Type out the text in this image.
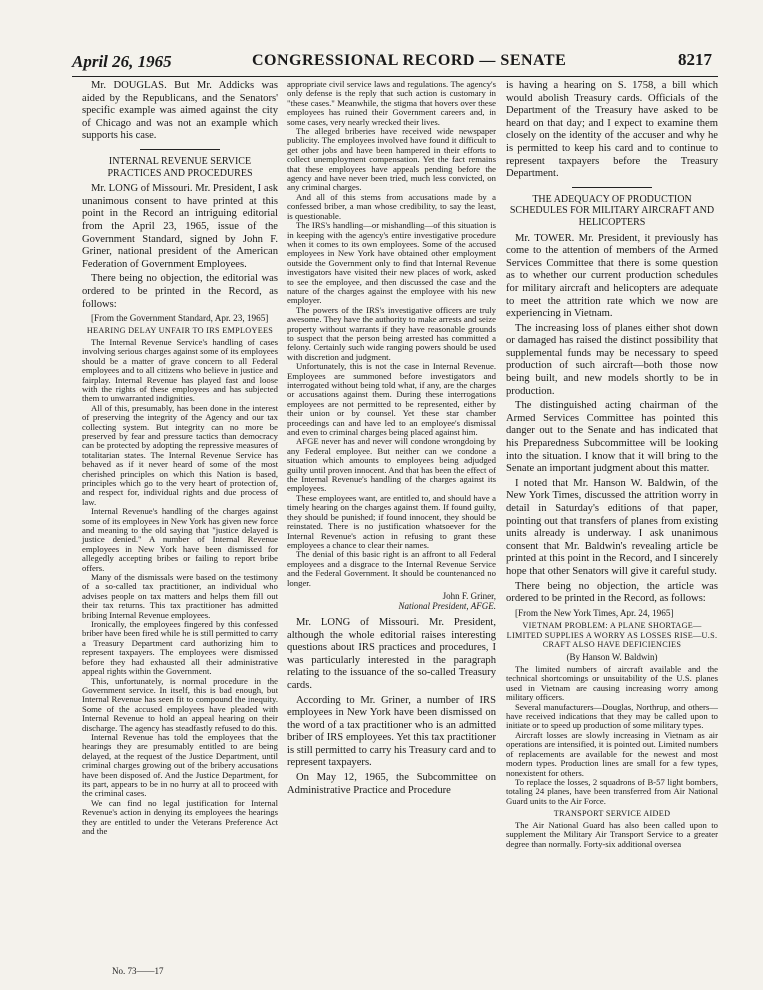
April 26, 1965	CONGRESSIONAL RECORD — SENATE	8217

Mr. DOUGLAS. But Mr. Addicks was aided by the Republicans, and the Senators' specific example was aimed against the city of Chicago and was not an example which supports his case.

INTERNAL REVENUE SERVICE PRACTICES AND PROCEDURES

Mr. LONG of Missouri. Mr. President, I ask unanimous consent to have printed at this point in the Record an intriguing editorial from the April 23, 1965, issue of the Government Standard, signed by John F. Griner, national president of the American Federation of Government Employees.

There being no objection, the editorial was ordered to be printed in the Record, as follows:

[From the Government Standard, Apr. 23, 1965]

HEARING DELAY UNFAIR TO IRS EMPLOYEES

The Internal Revenue Service's handling of cases involving serious charges against some of its employees should be a matter of grave concern to all Federal employees and to all citizens who believe in justice and fairplay. Internal Revenue has played fast and loose with the rights of these employees and has subjected them to unwarranted indignities.

All of this, presumably, has been done in the interest of preserving the integrity of the Agency and our tax collecting system. But integrity can no more be preserved by fear and pressure tactics than democracy can be protected by adopting the repressive measures of totalitarian states. The Internal Revenue Service has behaved as if it never heard of some of the most cherished principles on which this Nation is based, principles which go to the very heart of protection of, and respect for, individual rights and due process of law.

Internal Revenue's handling of the charges against some of its employees in New York has given new force and meaning to the old saying that "justice delayed is justice denied." A number of Internal Revenue employees in New York have been dismissed for allegedly accepting bribes or failing to report bribe offers.

Many of the dismissals were based on the testimony of a so-called tax practitioner, an individual who advises people on tax matters and helps them fill out their tax returns. This tax practitioner has admitted bribing Internal Revenue employees.

Ironically, the employees fingered by this confessed briber have been fired while he is still permitted to carry a Treasury Department card authorizing him to represent taxpayers. The employees were dismissed before they had exhausted all their administrative appeal rights within the Government.

This, unfortunately, is normal procedure in the Government service. In itself, this is bad enough, but Internal Revenue has seen fit to compound the inequity. Some of the accused employees have pleaded with Internal Revenue to hold an appeal hearing on their discharge. The agency has steadfastly refused to do this.

Internal Revenue has told the employees that the hearings they are presumably entitled to are being delayed, at the request of the Justice Department, until criminal charges growing out of the bribery accusations have been disposed of. And the Justice Department, for its part, appears to be in no hurry at all to proceed with the criminal cases.

We can find no legal justification for Internal Revenue's action in denying its employees the hearings they are entitled to under the Veterans Preference Act and the

appropriate civil service laws and regulations. The agency's only defense is the reply that such action is customary in "these cases." Meanwhile, the stigma that hovers over these employees has ruined their Government careers and, in some cases, very nearly wrecked their lives.

The alleged briberies have received wide newspaper publicity. The employees involved have found it difficult to get other jobs and have been hampered in their efforts to collect unemployment compensation. Yet the fact remains that these employees have appeals pending before the agency and have never been tried, much less convicted, on any criminal charges.

And all of this stems from accusations made by a confessed briber, a man whose credibility, to say the least, is questionable.

The IRS's handling—or mishandling—of this situation is in keeping with the agency's entire investigative procedure when it comes to its own employees. Some of the accused employees in New York have obtained other employment outside the Government only to find that Internal Revenue investigators have visited their new places of work, asked to see the employee, and then discussed the case and the nature of the charges against the employee with his new employer.

The powers of the IRS's investigative officers are truly awesome. They have the authority to make arrests and seize property without warrants if they have reasonable grounds to suspect that the person being arrested has committed a felony. Certainly such wide ranging powers should be used with discretion and judgment.

Unfortunately, this is not the case in Internal Revenue. Employees are summoned before investigators and interrogated without being told what, if any, are the charges or accusations against them. During these interrogations employees are not permitted to be represented, either by their union or by counsel. Yet these star chamber proceedings can and have led to an employee's dismissal and even to criminal charges being placed against him.

AFGE never has and never will condone wrongdoing by any Federal employee. But neither can we condone a situation which amounts to employees being adjudged guilty until proven innocent. And that has been the effect of the Internal Revenue's handling of the charges against its employees.

These employees want, are entitled to, and should have a timely hearing on the charges against them. If found guilty, they should be punished; if found innocent, they should be reinstated. There is no justification whatsoever for the Internal Revenue's action in refusing to grant these employees a chance to clear their names.

The denial of this basic right is an affront to all Federal employees and a disgrace to the Internal Revenue Service and the Federal Government. It should be countenanced no longer.

John F. Griner,
National President, AFGE.

Mr. LONG of Missouri. Mr. President, although the whole editorial raises interesting questions about IRS practices and procedures, I was particularly interested in the paragraph relating to the issuance of the so-called Treasury cards.

According to Mr. Griner, a number of IRS employees in New York have been dismissed on the word of a tax practitioner who is an admitted briber of IRS employees. Yet this tax practitioner is still permitted to carry his Treasury card and to represent taxpayers.

On May 12, 1965, the Subcommittee on Administrative Practice and Procedure

is having a hearing on S. 1758, a bill which would abolish Treasury cards. Officials of the Department of the Treasury have asked to be heard on that day; and I expect to examine them closely on the identity of the accuser and why he is permitted to keep his card and to continue to represent taxpayers before the Treasury Department.

THE ADEQUACY OF PRODUCTION SCHEDULES FOR MILITARY AIRCRAFT AND HELICOPTERS

Mr. TOWER. Mr. President, it previously has come to the attention of members of the Armed Services Committee that there is some question as to whether our current production schedules for military aircraft and helicopters are adequate to meet the attrition rate which we now are experiencing in Vietnam.

The increasing loss of planes either shot down or damaged has raised the distinct possibility that supplemental funds may be necessary to speed production of such aircraft—both those now being built, and new models shortly to be in production.

The distinguished acting chairman of the Armed Services Committee has pointed this danger out to the Senate and has indicated that his Preparedness Subcommittee will be looking into the situation. I know that it will bring to the Senate an important judgment about this matter.

I noted that Mr. Hanson W. Baldwin, of the New York Times, discussed the attrition worry in detail in Saturday's editions of that paper, pointing out that transfers of planes from existing units already is underway. I ask unanimous consent that Mr. Baldwin's revealing article be printed at this point in the Record, and I sincerely hope that other Senators will give it careful study.

There being no objection, the article was ordered to be printed in the Record, as follows:

[From the New York Times, Apr. 24, 1965]

VIETNAM PROBLEM: A PLANE SHORTAGE—LIMITED SUPPLIES A WORRY AS LOSSES RISE—U.S. CRAFT ALSO HAVE DEFICIENCIES
(By Hanson W. Baldwin)

The limited numbers of aircraft available and the technical shortcomings or unsuitability of the U.S. planes used in Vietnam are causing increasing worry among military officers.

Several manufacturers—Douglas, Northrup, and others—have received indications that they may be called upon to initiate or to speed up production of some military types.

Aircraft losses are slowly increasing in Vietnam as air operations are intensified, it is pointed out. Limited numbers of replacements are available for the newest and most modern types. Production lines are small for a few types, nonexistent for others.

To replace the losses, 2 squadrons of B-57 light bombers, totaling 24 planes, have been transferred from Air National Guard units to the Air Force.

TRANSPORT SERVICE AIDED

The Air National Guard has also been called upon to supplement the Military Air Transport Service to a greater degree than normally. Forty-six additional oversea

No. 73——17
